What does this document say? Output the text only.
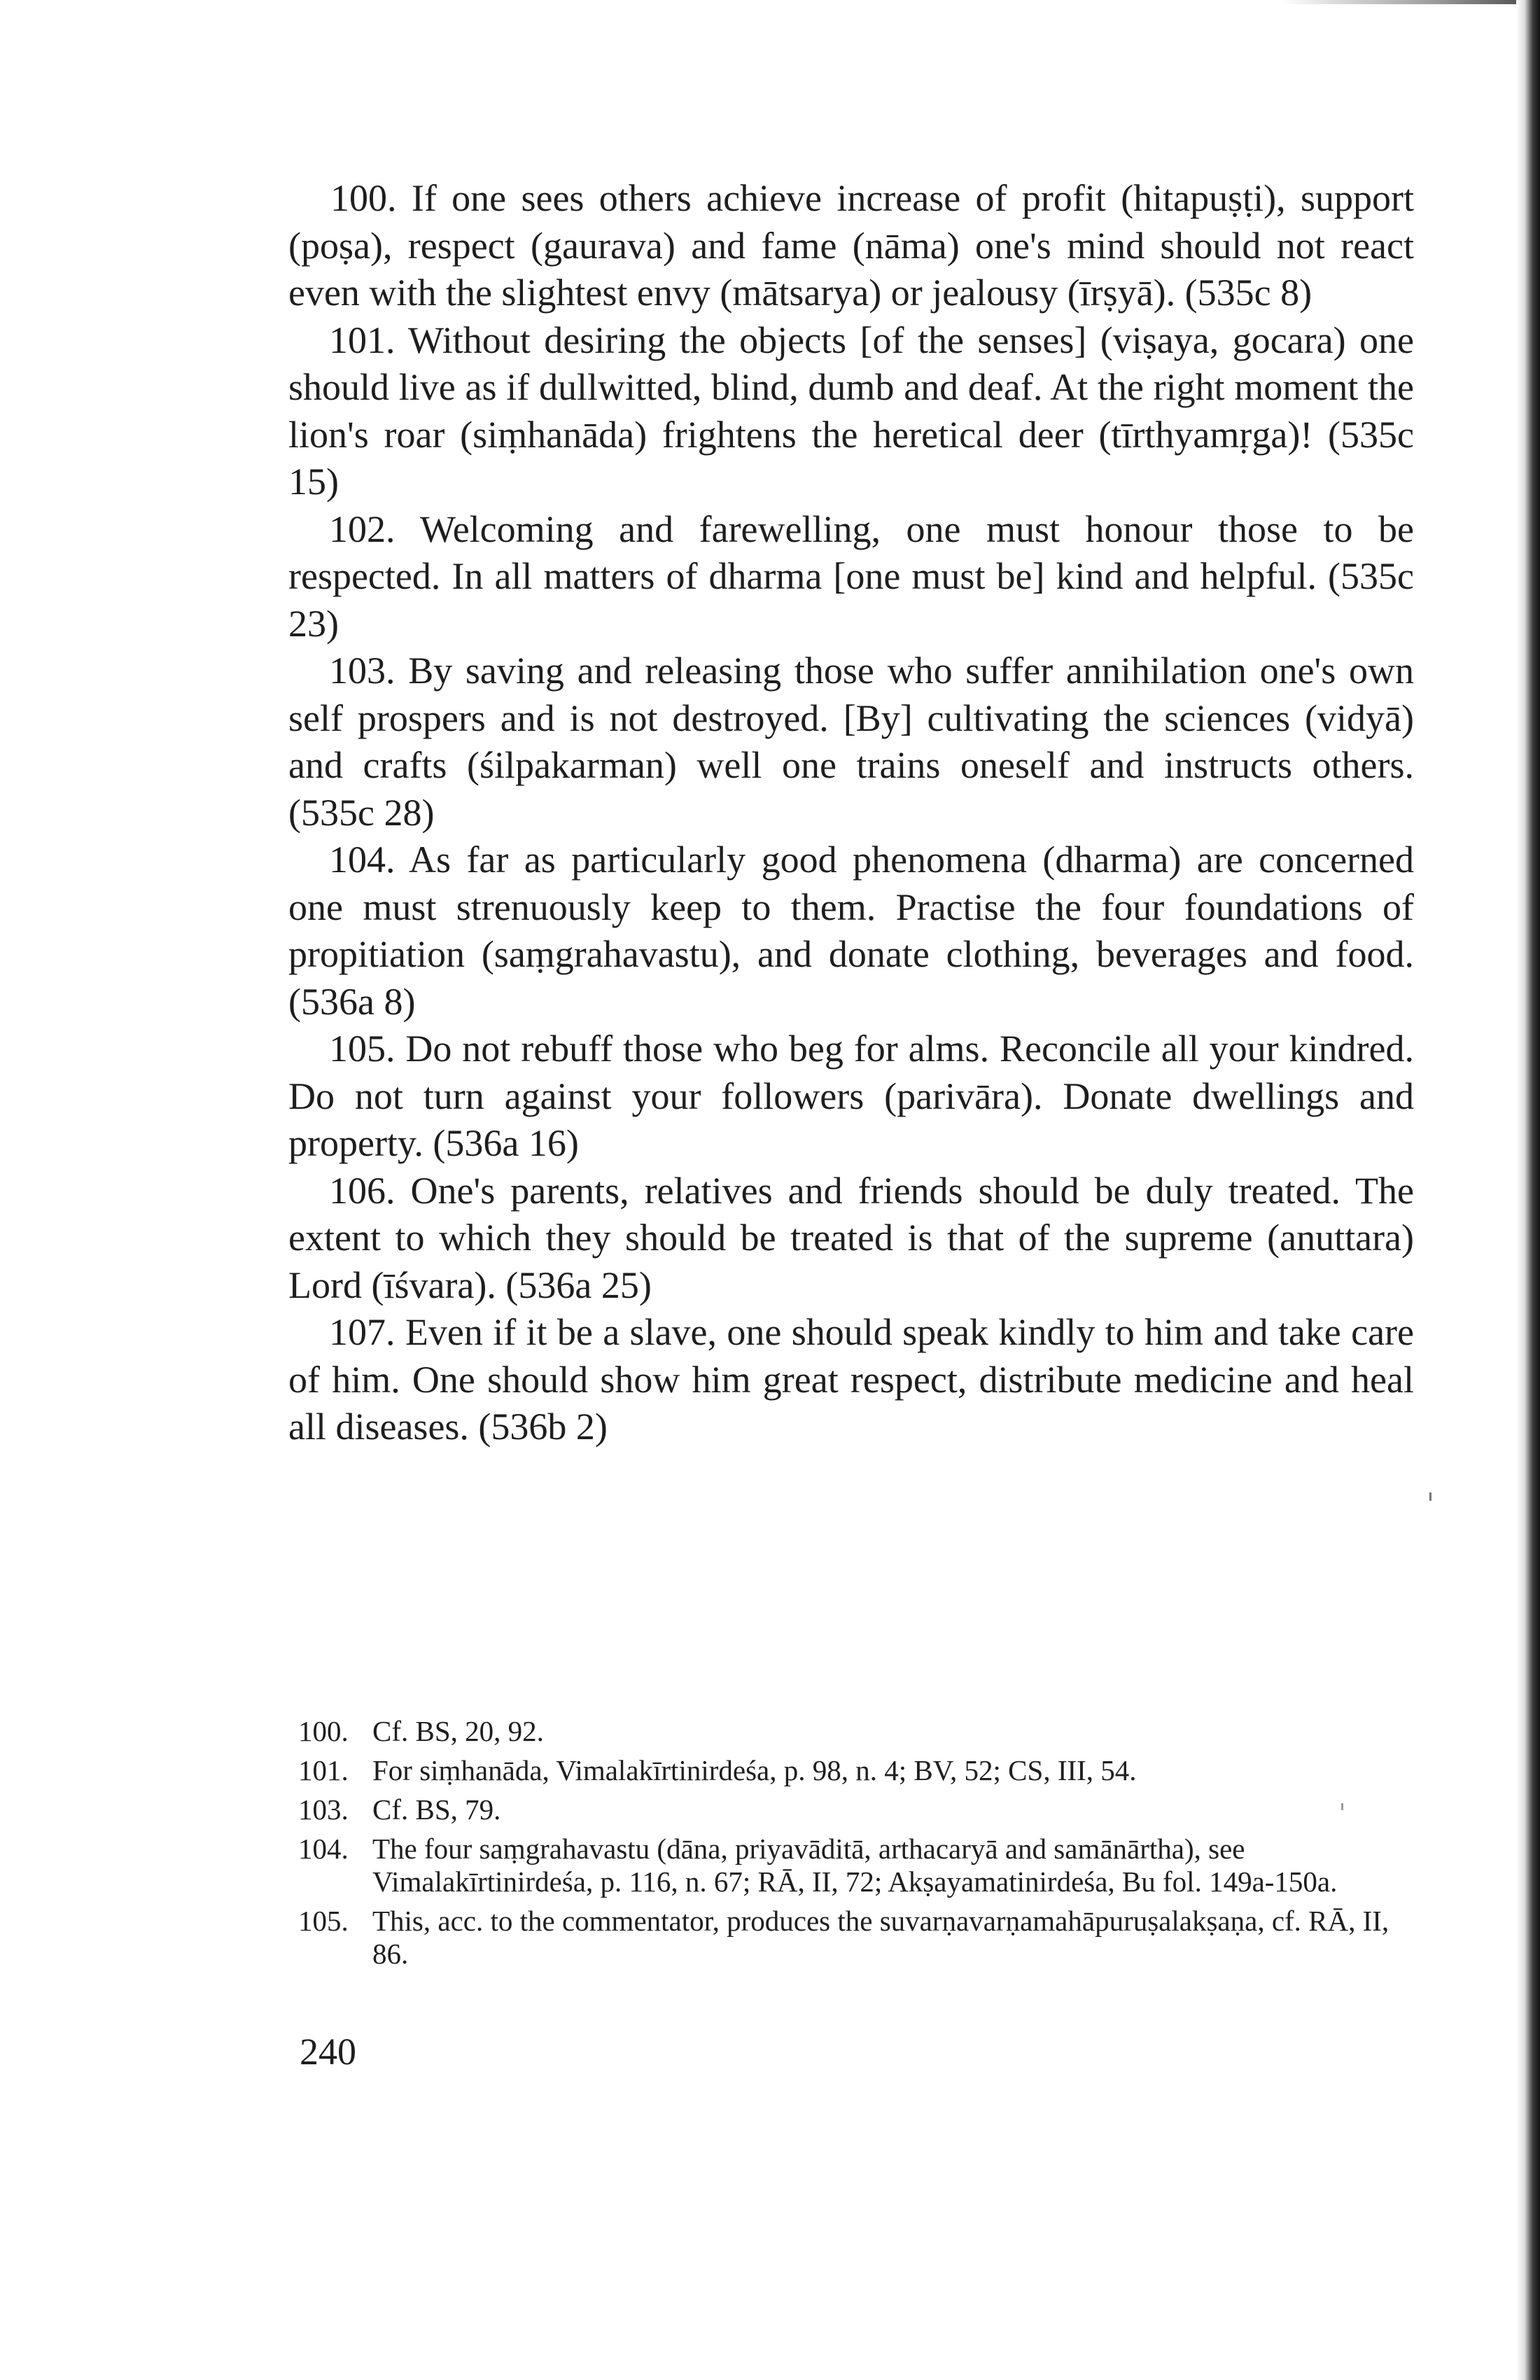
100. If one sees others achieve increase of profit (hitapuṣṭi), support (poṣa), respect (gaurava) and fame (nāma) one's mind should not react even with the slightest envy (mātsarya) or jealousy (īrṣyā). (535c 8)

101. Without desiring the objects [of the senses] (viṣaya, gocara) one should live as if dullwitted, blind, dumb and deaf. At the right moment the lion's roar (siṃhanāda) frightens the heretical deer (tīrthyamṛga)! (535c 15)

102. Welcoming and farewelling, one must honour those to be respected. In all matters of dharma [one must be] kind and helpful. (535c 23)

103. By saving and releasing those who suffer annihilation one's own self prospers and is not destroyed. [By] cultivating the sciences (vidyā) and crafts (śilpakarman) well one trains oneself and instructs others. (535c 28)

104. As far as particularly good phenomena (dharma) are concerned one must strenuously keep to them. Practise the four foundations of propitiation (saṃgrahavastu), and donate clothing, beverages and food. (536a 8)

105. Do not rebuff those who beg for alms. Reconcile all your kindred. Do not turn against your followers (parivāra). Donate dwellings and property. (536a 16)

106. One's parents, relatives and friends should be duly treated. The extent to which they should be treated is that of the supreme (anuttara) Lord (īśvara). (536a 25)

107. Even if it be a slave, one should speak kindly to him and take care of him. One should show him great respect, distribute medicine and heal all diseases. (536b 2)

100. Cf. BS, 20, 92.

101. For siṃhanāda, Vimalakīrtinirdeśa, p. 98, n. 4; BV, 52; CS, III, 54.

103. Cf. BS, 79.

104. The four saṃgrahavastu (dāna, priyavāditā, arthacaryā and samānārtha), see Vimalakīrtinirdeśa, p. 116, n. 67; RĀ, II, 72; Akṣayamatinirdeśa, Bu fol. 149a-150a.

105. This, acc. to the commentator, produces the suvarṇavarṇamahāpuruṣalakṣaṇa, cf. RĀ, II, 86.

240
